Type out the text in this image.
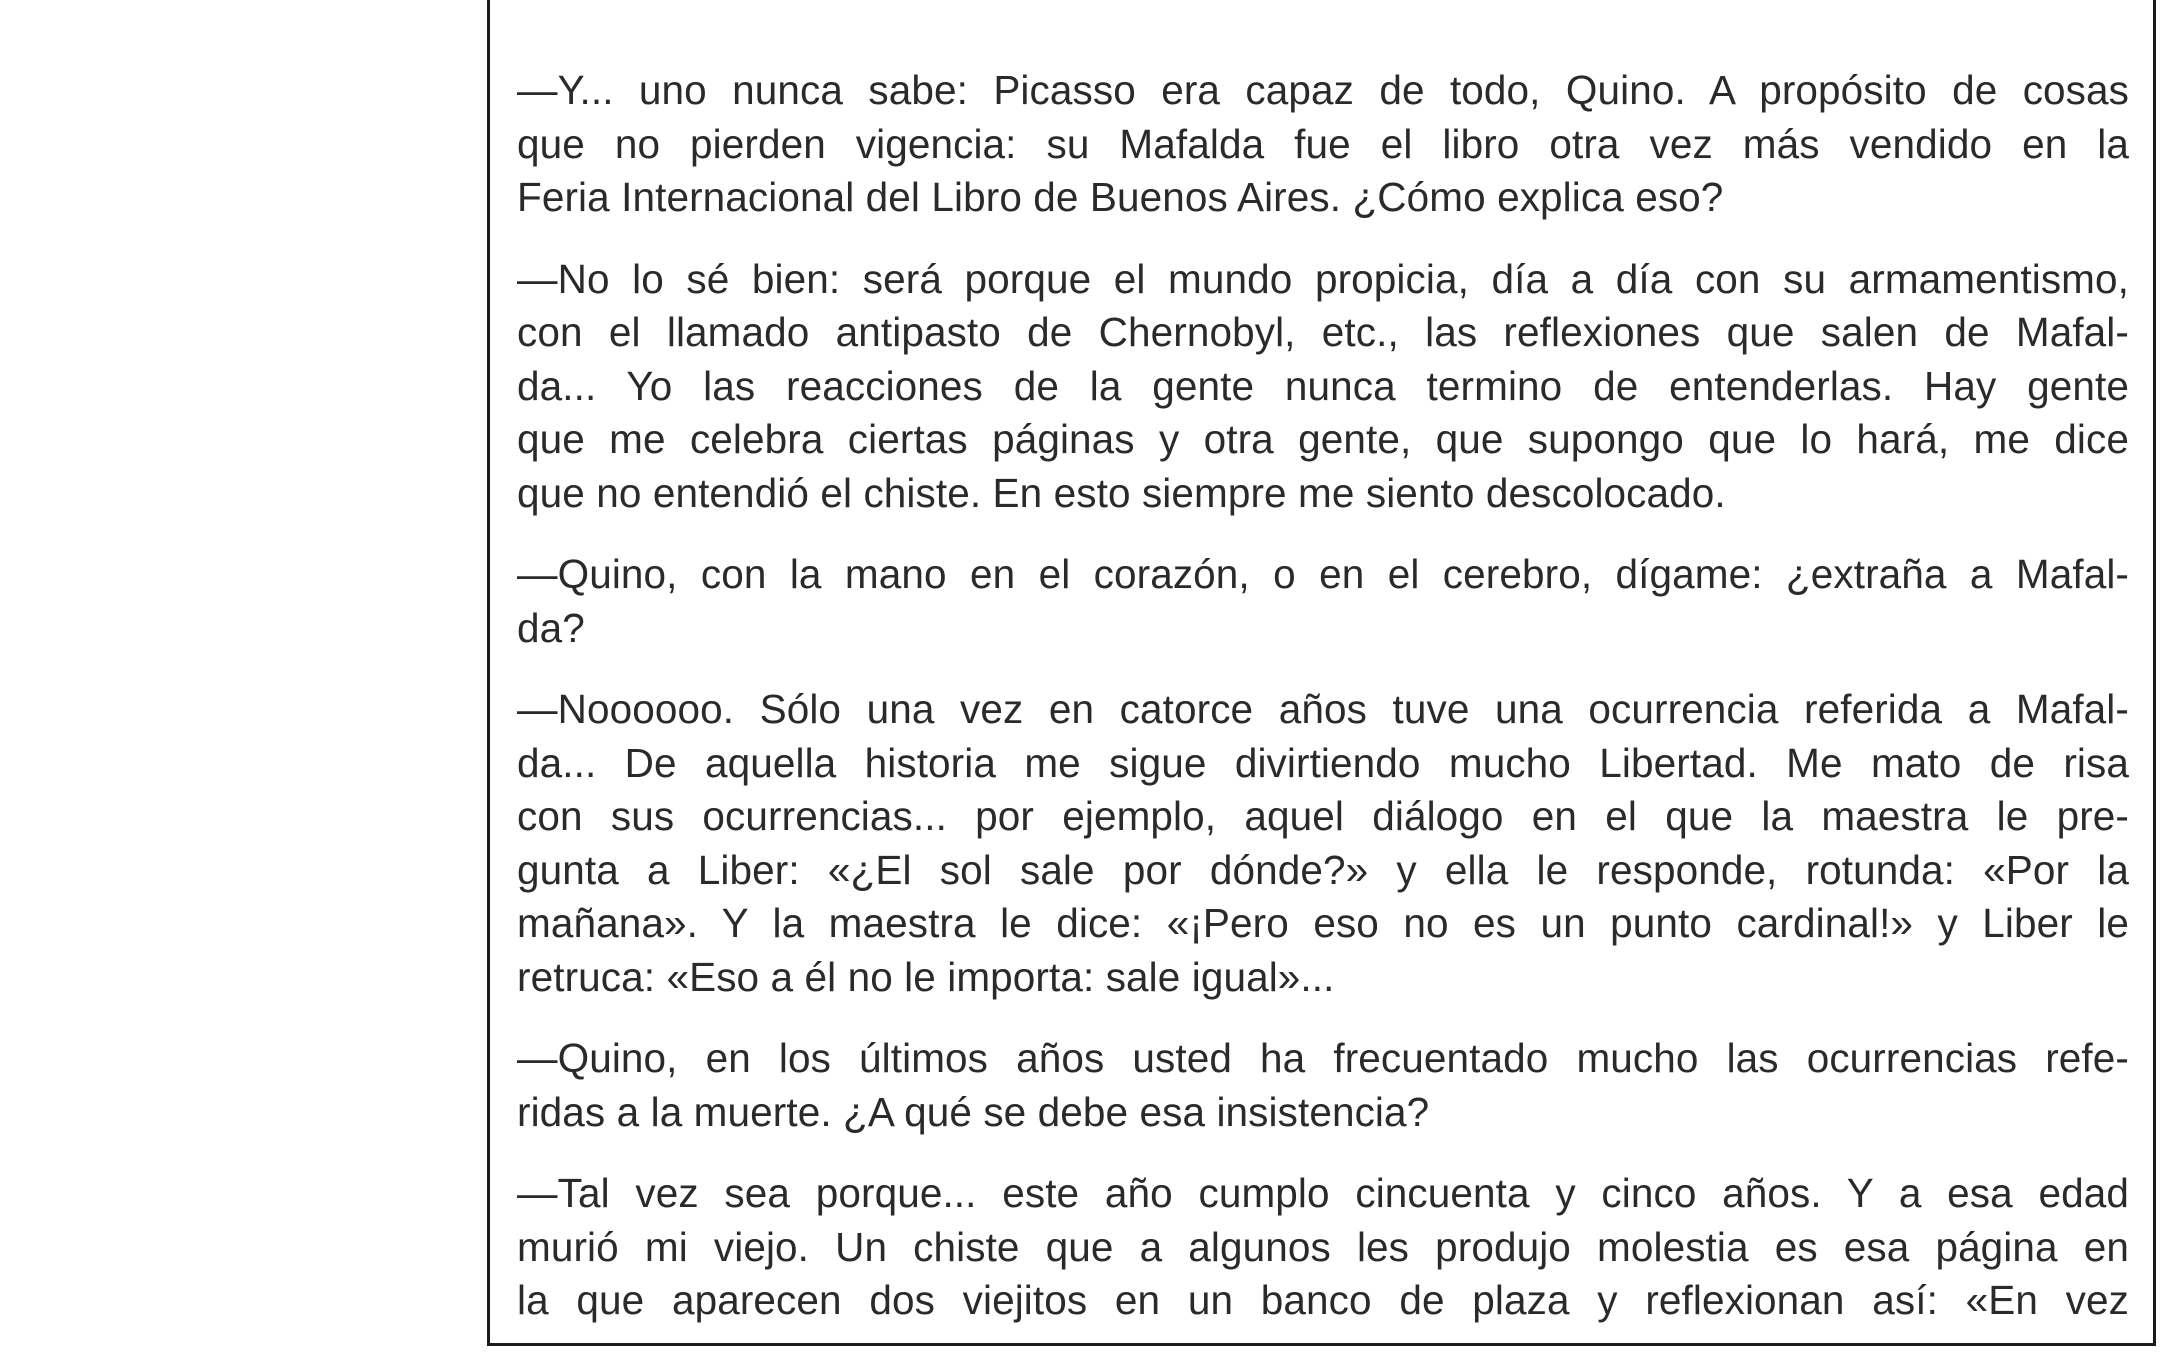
—Y... uno nunca sabe: Picasso era capaz de todo, Quino. A propósito de cosas
que no pierden vigencia: su Mafalda fue el libro otra vez más vendido en la
Feria Internacional del Libro de Buenos Aires. ¿Cómo explica eso?

—No lo sé bien: será porque el mundo propicia, día a día con su armamentismo,
con el llamado antipasto de Chernobyl, etc., las reflexiones que salen de Mafal-
da... Yo las reacciones de la gente nunca termino de entenderlas. Hay gente
que me celebra ciertas páginas y otra gente, que supongo que lo hará, me dice
que no entendió el chiste. En esto siempre me siento descolocado.

—Quino, con la mano en el corazón, o en el cerebro, dígame: ¿extraña a Mafal-
da?

—Noooooo. Sólo una vez en catorce años tuve una ocurrencia referida a Mafal-
da... De aquella historia me sigue divirtiendo mucho Libertad. Me mato de risa
con sus ocurrencias... por ejemplo, aquel diálogo en el que la maestra le pre-
gunta a Liber: «¿El sol sale por dónde?» y ella le responde, rotunda: «Por la
mañana». Y la maestra le dice: «¡Pero eso no es un punto cardinal!» y Liber le
retruca: «Eso a él no le importa: sale igual»...

—Quino, en los últimos años usted ha frecuentado mucho las ocurrencias refe-
ridas a la muerte. ¿A qué se debe esa insistencia?

—Tal vez sea porque... este año cumplo cincuenta y cinco años. Y a esa edad
murió mi viejo. Un chiste que a algunos les produjo molestia es esa página en
la que aparecen dos viejitos en un banco de plaza y reflexionan así: «En vez
